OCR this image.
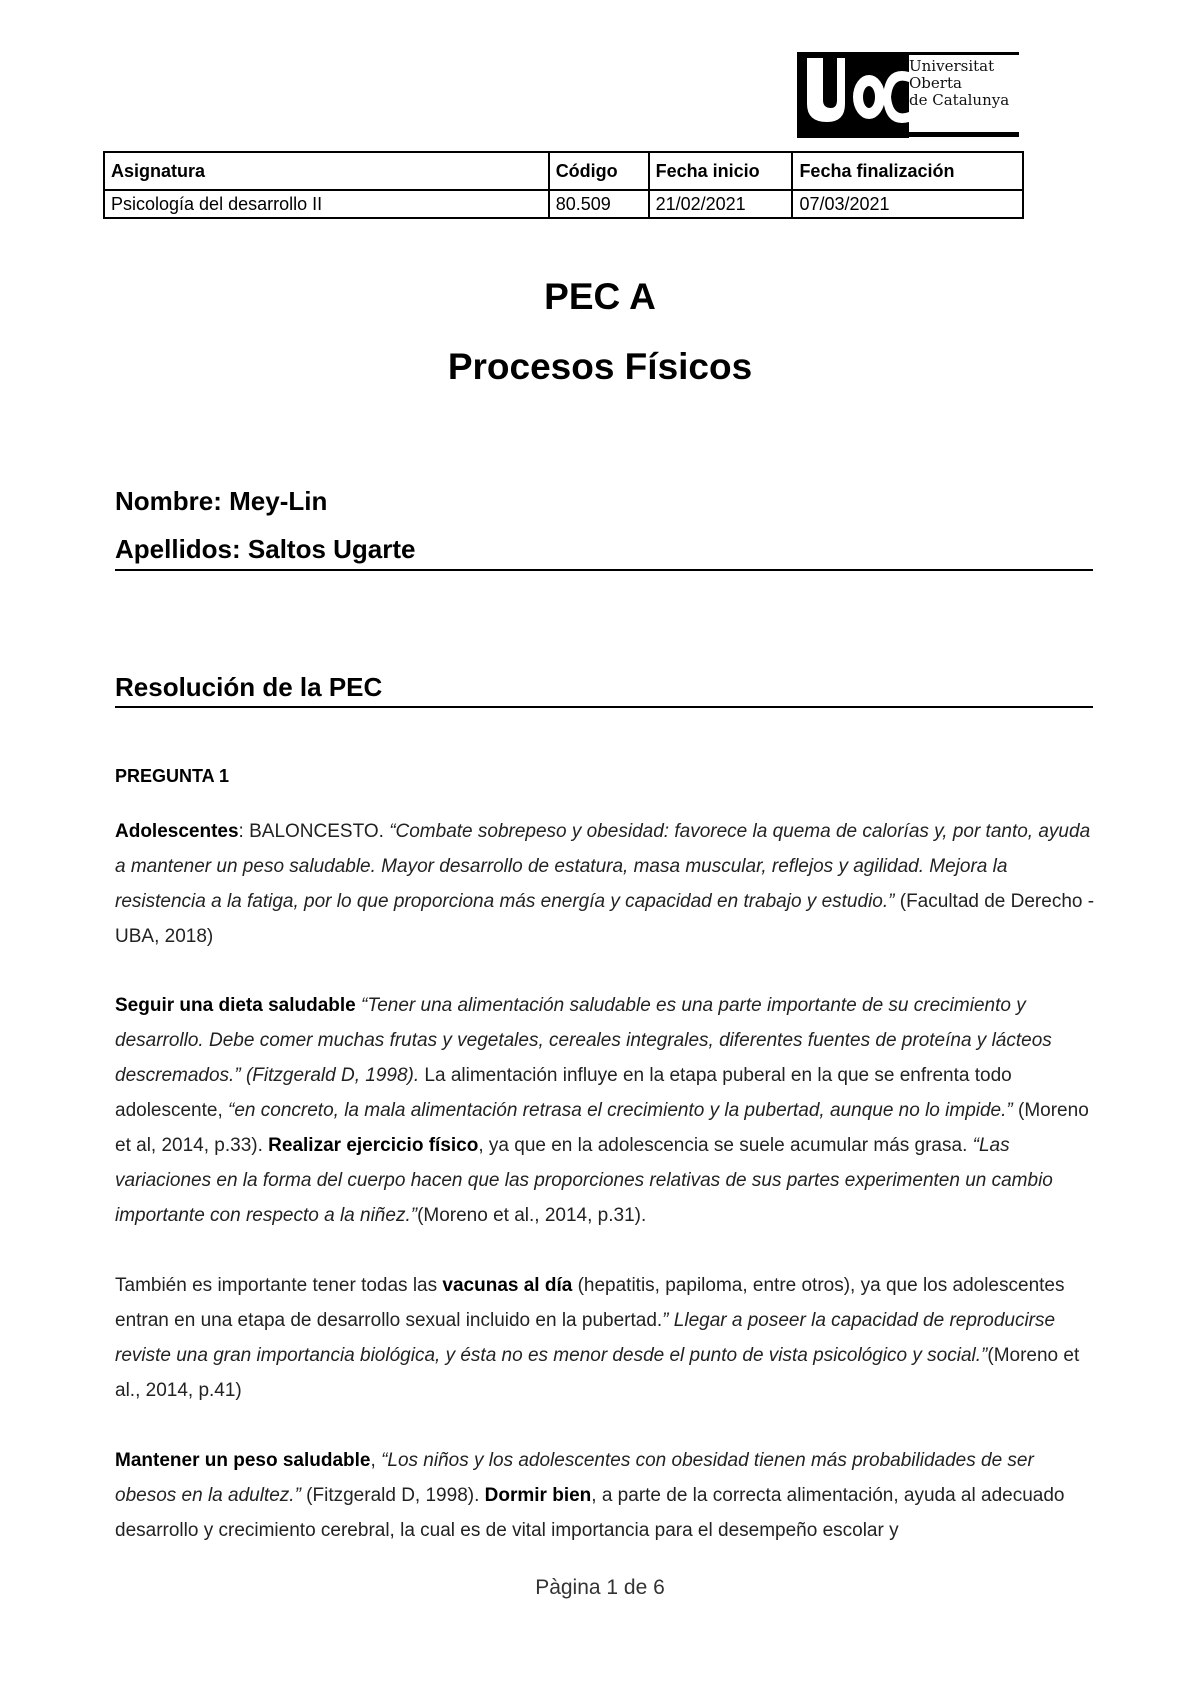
Universitat
Oberta
de Catalunya
Asignatura	Código	Fecha inicio	Fecha finalización
Psicología del desarrollo II	80.509	21/02/2021	07/03/2021
PEC A
Procesos Físicos
Nombre: Mey-Lin
Apellidos: Saltos Ugarte
Resolución de la PEC
PREGUNTA 1
Adolescentes: BALONCESTO. “Combate sobrepeso y obesidad: favorece la quema de calorías y, por tanto, ayuda a mantener un peso saludable. Mayor desarrollo de estatura, masa muscular, reflejos y agilidad. Mejora la resistencia a la fatiga, por lo que proporciona más energía y capacidad en trabajo y estudio.” (Facultad de Derecho - UBA, 2018)
Seguir una dieta saludable “Tener una alimentación saludable es una parte importante de su crecimiento y desarrollo. Debe comer muchas frutas y vegetales, cereales integrales, diferentes fuentes de proteína y lácteos descremados.” (Fitzgerald D, 1998). La alimentación influye en la etapa puberal en la que se enfrenta todo adolescente, “en concreto, la mala alimentación retrasa el crecimiento y la pubertad, aunque no lo impide.” (Moreno et al, 2014, p.33). Realizar ejercicio físico, ya que en la adolescencia se suele acumular más grasa. “Las variaciones en la forma del cuerpo hacen que las proporciones relativas de sus partes experimenten un cambio importante con respecto a la niñez.”(Moreno et al., 2014, p.31).
También es importante tener todas las vacunas al día (hepatitis, papiloma, entre otros), ya que los adolescentes entran en una etapa de desarrollo sexual incluido en la pubertad.” Llegar a poseer la capacidad de reproducirse reviste una gran importancia biológica, y ésta no es menor desde el punto de vista psicológico y social.”(Moreno et al., 2014, p.41)
Mantener un peso saludable, “Los niños y los adolescentes con obesidad tienen más probabilidades de ser obesos en la adultez.” (Fitzgerald D, 1998). Dormir bien, a parte de la correcta alimentación, ayuda al adecuado desarrollo y crecimiento cerebral, la cual es de vital importancia para el desempeño escolar y
Pàgina 1 de 6
